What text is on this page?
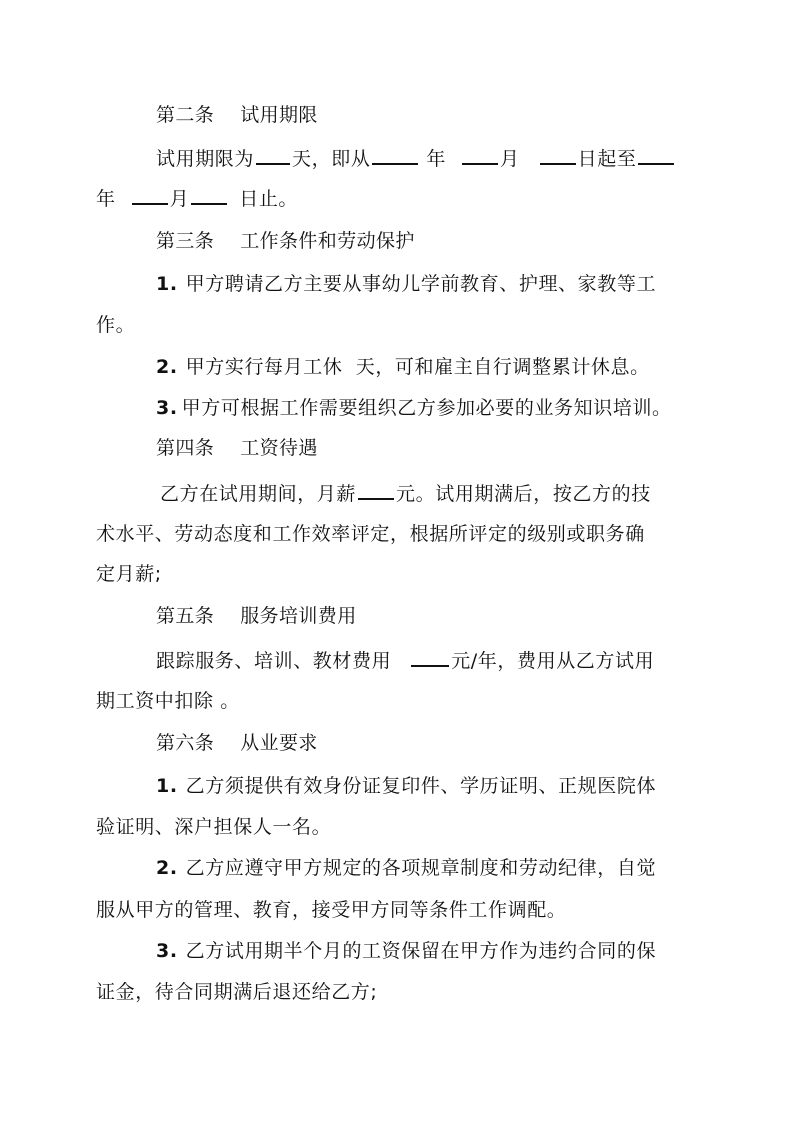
第二条 试用期限
试用期限为 天，即从	年	月	日起至
年	月	日止。
第三条 工作条件和劳动保护
1. 甲方聘请乙方主要从事幼儿学前教育、护理、家教等工
作。
2. 甲方实行每月工休  天，可和雇主自行调整累计休息。
3. 甲方可根据工作需要组织乙方参加必要的业务知识培训。
第四条 工资待遇
乙方在试用期间，月薪 元。试用期满后，按乙方的技
术水平、劳动态度和工作效率评定，根据所评定的级别或职务确
定月薪;
第五条 服务培训费用
跟踪服务、培训、教材费用	元/年，费用从乙方试用
期工资中扣除 。
第六条 从业要求
1. 乙方须提供有效身份证复印件、学历证明、正规医院体
验证明、深户担保人一名。
2. 乙方应遵守甲方规定的各项规章制度和劳动纪律，自觉
服从甲方的管理、教育，接受甲方同等条件工作调配。
3. 乙方试用期半个月的工资保留在甲方作为违约合同的保
证金，待合同期满后退还给乙方;
